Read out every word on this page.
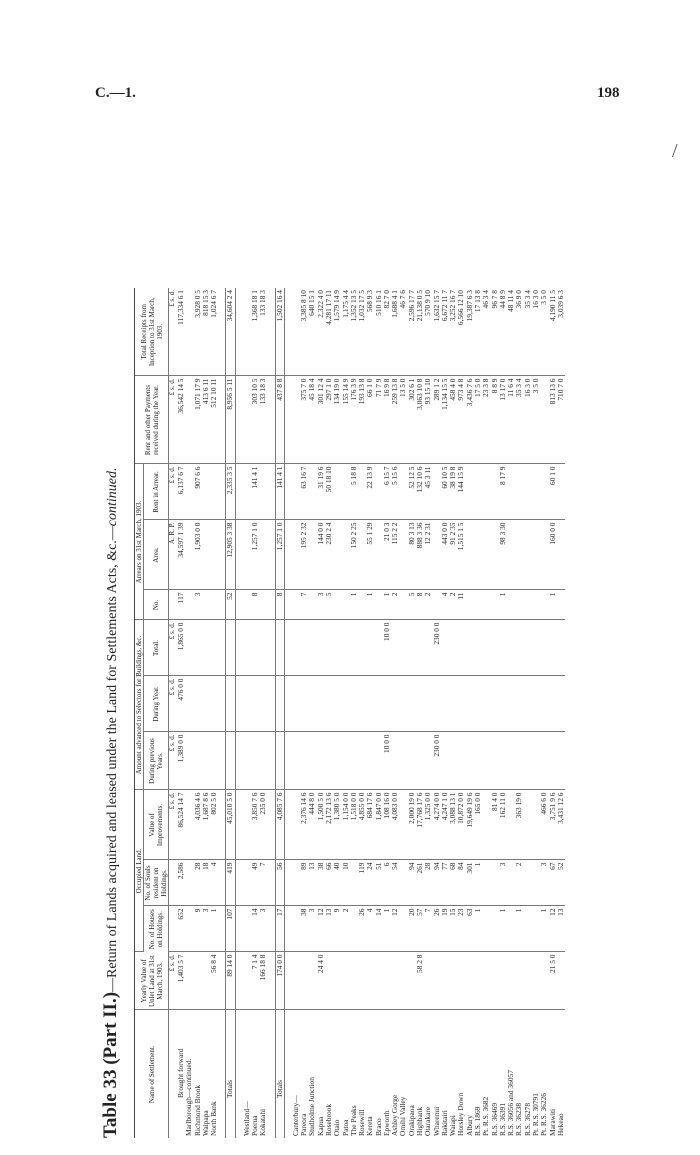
C.—1.	198
/
Table 33 (Part II.)—Return of Lands acquired and leased under the Land for Settlements Acts, &c.—continued.
Name of Settlement.	Yearly Value of Unlet Land at 31st March, 1903.	Occupied Land.			Amount advanced to Selectors for Buildings, &c.			Arrears on 31st March, 1903.			Rent and other Payments received during the Year.	Total Receipts from Inception to 31st March, 1903.
		No. of Houses on Holdings.	No. of Souls resident on Holdings.	Value of Improvements.	During previous Years.	During Year.	Total.	No.	Area.	Rent in Arrear.		
	£ s. d.			£ s. d.	£ s. d.	£ s. d.	£ s. d.		A. R. P.	£ s. d.	£ s. d.	£ s. d.
Brought forward	1,403 5 7	652	2,586	86,524 14 7	1,389 0 0	476 0 0	1,865 0 0	117	34,597 1 39	6,137 6 7	36,542 14 5	117,334 6 1
Marlborough—continued.												
Richmond Brook		9	28	4,036 4 6				3	1,903 0 0	907 6 6	1,071 17 9	3,928 0 5
Waipapa		3	18	1,687 8 6							413 6 11	818 15 3
North Bank	56 8 4	1	4	802 5 0							512 10 11	1,024 6 7

Totals	89 14 0	107	419	45,010 5 0				52	12,905 3 38	2,335 3 5	8,956 5 11	34,604 2 4

Westland—												
Poerua	7 1 4	14	49	3,850 7 6				8	1,257 1 0	141 4 1	303 10 5	1,368 18 1
Kokatahi	166 18 8	3	7	235 0 0							133 18 3	133 18 3

Totals	174 0 0	17	56	4,085 7 6				8	1,257 1 0	141 4 1	437 8 8	1,502 16 4

Canterbury—												
Pareora		38	89	2,376 14 6				7	195 2 32	63 16 7	375 7 0	3,385 8 10
Studholme Junction		3	13	444 8 0							45 18 4	640 15 1
Kapua	24 4 0	12	38	1,500 5 0				3	144 0 0	31 19 6	301 12 4	2,322 4 0
Rosebrook		13	66	2,172 13 6				5	230 2 4	50 18 10	297 1 0	4,281 17 11
Otaio		9	40	1,380 5 0							134 19 0	1,579 14 9
Patoa		2	10	1,154 0 0							155 14 9	1,175 4 4
The Peaks				1,518 0 0				1	150 2 25	5 18 8	176 3 9	1,352 13 5
Rosewill		26	119	4,855 0 0							193 13 8	1,032 17 5
Kereta		4	24	684 17 6				1	55 1 29	22 13 9	66 1 0	568 9 3
Braco		14	51	1,847 0 0							71 7 9	510 16 1
Epworth		1	6	108 16 0	10 0 0		10 0 0	1	21 0 3	6 15 7	16 9 8	82 7 0
Ashley Gorge		12	54	4,083 0 0				2	115 2 2	5 15 6	259 13 8	1,688 4 1
Omihi Valley											13 5 0	46 7 6
Orakipaoa		20	94	2,000 19 0				5	80 3 13	52 12 5	302 6 1	2,596 17 7
Highbank	58 2 8	57	261	17,768 17 6				8	888 3 36	132 10 6	3,063 10 8	21,138 0 5
Otarakare		7	28	1,325 0 0				2	12 2 31	45 3 11	93 15 10	570 9 10
Wharenui		26	94	4,274 0 0	230 0 0		230 0 0				289 1 2	1,632 15 7
Rakitairi		19	77	4,247 1 0				4	443 0 0	60 10 5	1,134 15 5	6,672 11 7
Waiapi		15	68	3,088 13 1				2	91 2 35	38 19 8	458 4 0	3,252 16 7
Horsley Down		23	84	10,872 0 0				11	1,515 1 5	144 15 9	973 4 8	6,566 12 10
Albury		63	301	19,649 19 6							3,436 7 6	19,387 6 3
R.S. 1869		1	1	165 0 0							17 5 0	17 13 8
Pt. R.S. 3682											23 3 8	46 3 4
R.S. 36469				81 4 0							8 8 9	96 7 8
R.S. 36391		1	3	162 11 0				1	98 3 30	8 17 9	13 17 0	44 8 9
R.S. 36056 and 36057											11 6 4	48 11 4
R.S. 36238		1	2	363 19 0							35 3 4	36 9 0
R.S. 36278											16 3 0	35 3 4
Pt. R.S. 30791											3 5 0	16 3 0
Pt. R.S. 36226		1	3	466 6 0								3 5 0
Marawiti	21 5 0	12	67	3,751 9 6				1	160 0 0	60 1 0	813 13 6	4,190 11 5
Hekeao		13	52	3,431 12 6							710 7 0	3,039 6 3
